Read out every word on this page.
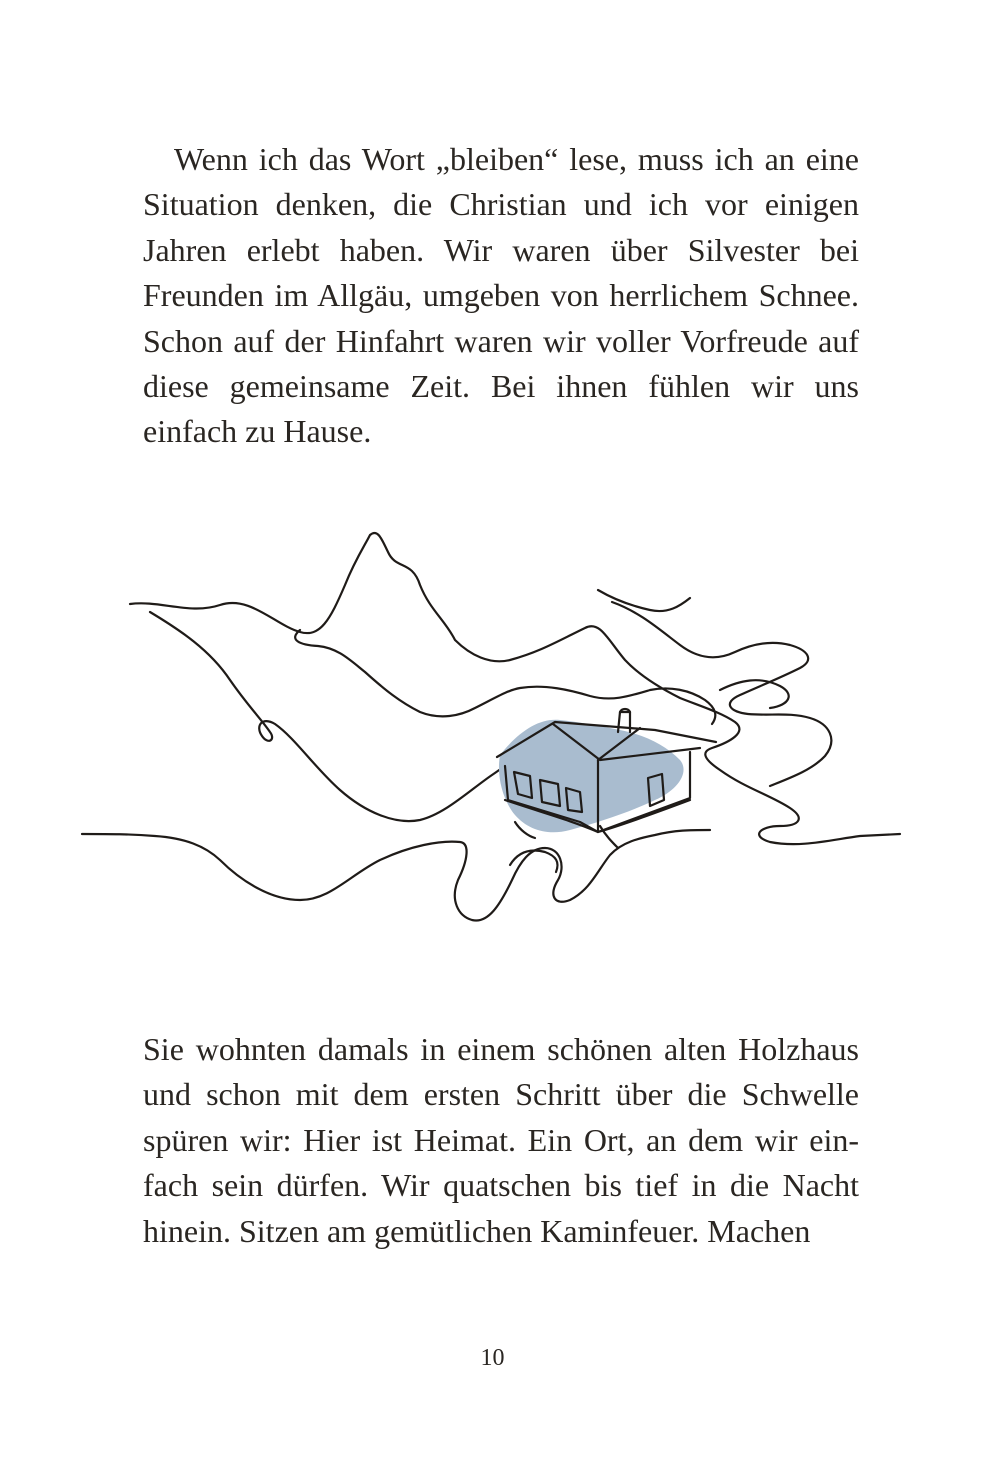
Wenn ich das Wort „bleiben“ lese, muss ich an eine Situation denken, die Christian und ich vor einigen Jahren erlebt haben. Wir waren über Silvester bei Freunden im Allgäu, umgeben von herrlichem Schnee. Schon auf der Hinfahrt waren wir voller Vorfreude auf diese gemeinsame Zeit. Bei ihnen fühlen wir uns einfach zu Hause.

Sie wohnten damals in einem schönen alten Holzhaus und schon mit dem ersten Schritt über die Schwelle spüren wir: Hier ist Heimat. Ein Ort, an dem wir einfach sein dürfen. Wir quatschen bis tief in die Nacht hinein. Sitzen am gemütlichen Kaminfeuer. Machen

10
